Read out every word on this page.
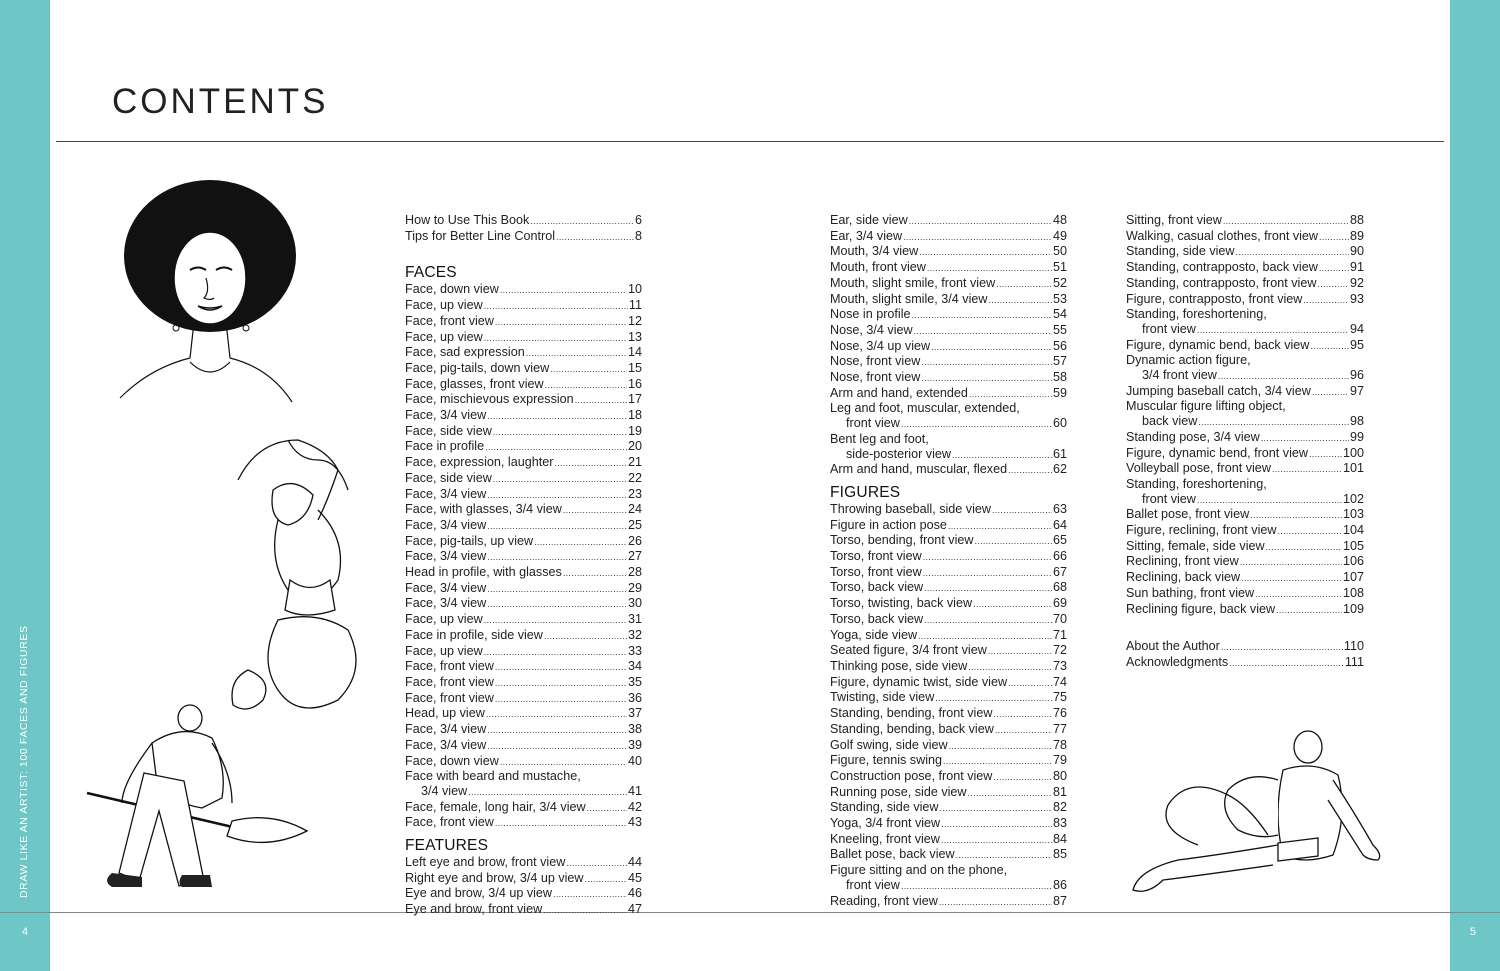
CONTENTS
DRAW LIKE AN ARTIST: 100 FACES AND FIGURES
4	5
How to Use This Book .....	6
Tips for Better Line Control .....	8
FACES
Face, down view .....	10
Face, up view .....	11
Face, front view .....	12
Face, up view .....	13
Face, sad expression .....	14
Face, pig-tails, down view .....	15
Face, glasses, front view .....	16
Face, mischievous expression .....	17
Face, 3/4 view .....	18
Face, side view .....	19
Face in profile .....	20
Face, expression, laughter .....	21
Face, side view .....	22
Face, 3/4 view .....	23
Face, with glasses, 3/4 view .....	24
Face, 3/4 view .....	25
Face, pig-tails, up view .....	26
Face, 3/4 view .....	27
Head in profile, with glasses .....	28
Face, 3/4 view .....	29
Face, 3/4 view .....	30
Face, up view .....	31
Face in profile, side view .....	32
Face, up view .....	33
Face, front view .....	34
Face, front view .....	35
Face, front view .....	36
Head, up view .....	37
Face, 3/4 view .....	38
Face, 3/4 view .....	39
Face, down view .....	40
Face with beard and mustache,
3/4 view .....	41
Face, female, long hair, 3/4 view .....	42
Face, front view .....	43
FEATURES
Left eye and brow, front view .....	44
Right eye and brow, 3/4 up view .....	45
Eye and brow, 3/4 up view .....	46
Eye and brow, front view .....	47
Ear, side view .....	48
Ear, 3/4 view .....	49
Mouth, 3/4 view .....	50
Mouth, front view .....	51
Mouth, slight smile, front view .....	52
Mouth, slight smile, 3/4 view .....	53
Nose in profile .....	54
Nose, 3/4 view .....	55
Nose, 3/4 up view .....	56
Nose, front view .....	57
Nose, front view .....	58
Arm and hand, extended .....	59
Leg and foot, muscular, extended,
front view .....	60
Bent leg and foot,
side-posterior view .....	61
Arm and hand, muscular, flexed .....	62
FIGURES
Throwing baseball, side view .....	63
Figure in action pose .....	64
Torso, bending, front view .....	65
Torso, front view .....	66
Torso, front view .....	67
Torso, back view .....	68
Torso, twisting, back view .....	69
Torso, back view .....	70
Yoga, side view .....	71
Seated figure, 3/4 front view .....	72
Thinking pose, side view .....	73
Figure, dynamic twist, side view .....	74
Twisting, side view .....	75
Standing, bending, front view .....	76
Standing, bending, back view .....	77
Golf swing, side view .....	78
Figure, tennis swing .....	79
Construction pose, front view .....	80
Running pose, side view .....	81
Standing, side view .....	82
Yoga, 3/4 front view .....	83
Kneeling, front view .....	84
Ballet pose, back view .....	85
Figure sitting and on the phone,
front view .....	86
Reading, front view .....	87
Sitting, front view .....	88
Walking, casual clothes, front view .....	89
Standing, side view .....	90
Standing, contrapposto, back view .....	91
Standing, contrapposto, front view .....	92
Figure, contrapposto, front view .....	93
Standing, foreshortening,
front view .....	94
Figure, dynamic bend, back view .....	95
Dynamic action figure,
3/4 front view .....	96
Jumping baseball catch, 3/4 view .....	97
Muscular figure lifting object,
back view .....	98
Standing pose, 3/4 view .....	99
Figure, dynamic bend, front view .....	100
Volleyball pose, front view .....	101
Standing, foreshortening,
front view .....	102
Ballet pose, front view .....	103
Figure, reclining, front view .....	104
Sitting, female, side view .....	105
Reclining, front view .....	106
Reclining, back view .....	107
Sun bathing, front view .....	108
Reclining figure, back view .....	109
About the Author .....	110
Acknowledgments .....	111
